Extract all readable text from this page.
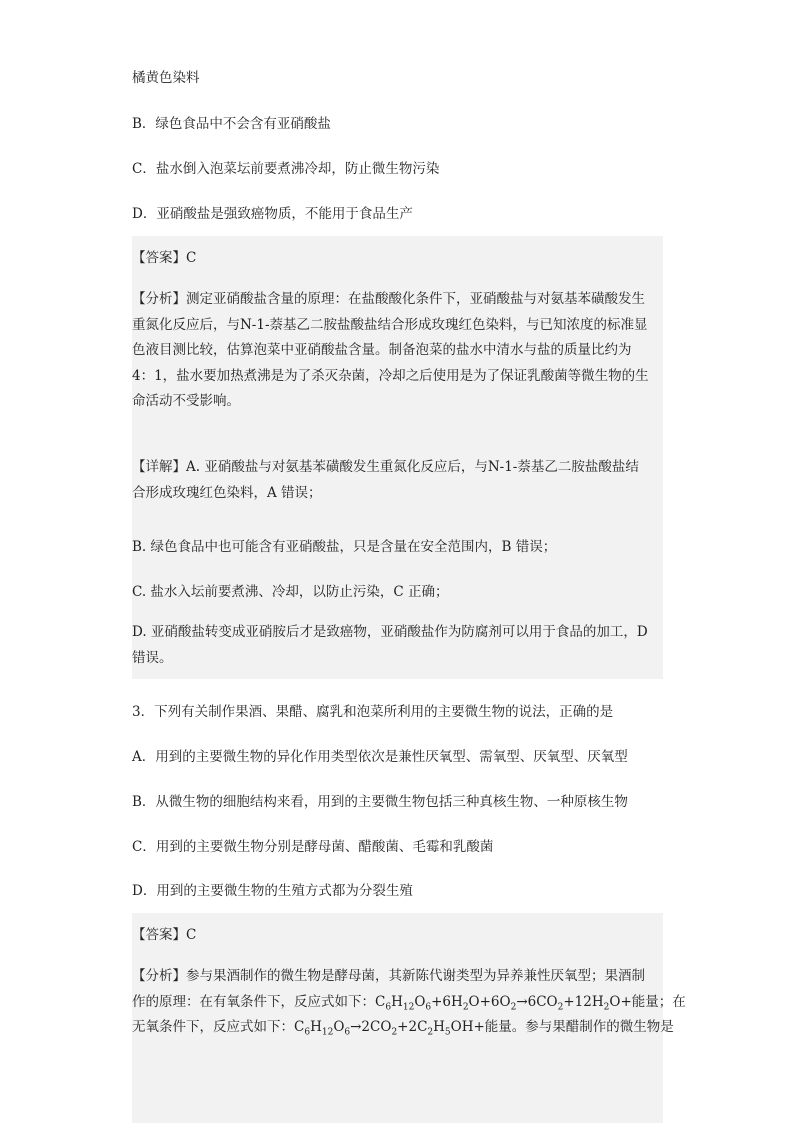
橘黄色染料
B．绿色食品中不会含有亚硝酸盐
C．盐水倒入泡菜坛前要煮沸冷却，防止微生物污染
D．亚硝酸盐是强致癌物质，不能用于食品生产
【答案】C
【分析】测定亚硝酸盐含量的原理：在盐酸酸化条件下，亚硝酸盐与对氨基苯磺酸发生
重氮化反应后，与N-1-萘基乙二胺盐酸盐结合形成玫瑰红色染料，与已知浓度的标准显
色液目测比较，估算泡菜中亚硝酸盐含量。制备泡菜的盐水中清水与盐的质量比约为
4：1，盐水要加热煮沸是为了杀灭杂菌，冷却之后使用是为了保证乳酸菌等微生物的生
命活动不受影响。
【详解】A. 亚硝酸盐与对氨基苯磺酸发生重氮化反应后，与N-1-萘基乙二胺盐酸盐结
合形成玫瑰红色染料，A 错误；
B. 绿色食品中也可能含有亚硝酸盐，只是含量在安全范围内，B 错误；
C. 盐水入坛前要煮沸、冷却，以防止污染，C 正确；
D. 亚硝酸盐转变成亚硝胺后才是致癌物，亚硝酸盐作为防腐剂可以用于食品的加工，D
错误。
3．下列有关制作果酒、果醋、腐乳和泡菜所利用的主要微生物的说法，正确的是
A．用到的主要微生物的异化作用类型依次是兼性厌氧型、需氧型、厌氧型、厌氧型
B．从微生物的细胞结构来看，用到的主要微生物包括三种真核生物、一种原核生物
C．用到的主要微生物分别是酵母菌、醋酸菌、毛霉和乳酸菌
D．用到的主要微生物的生殖方式都为分裂生殖
【答案】C
【分析】参与果酒制作的微生物是酵母菌，其新陈代谢类型为异养兼性厌氧型；果酒制
作的原理：在有氧条件下，反应式如下：$C_6H_{12}O_6+6H_2O+6O_2\to 6CO_2+12H_2O+$能量；在
无氧条件下，反应式如下：$C_6H_{12}O_6\to 2CO_2+2C_2H_5OH+$能量。参与果醋制作的微生物是
